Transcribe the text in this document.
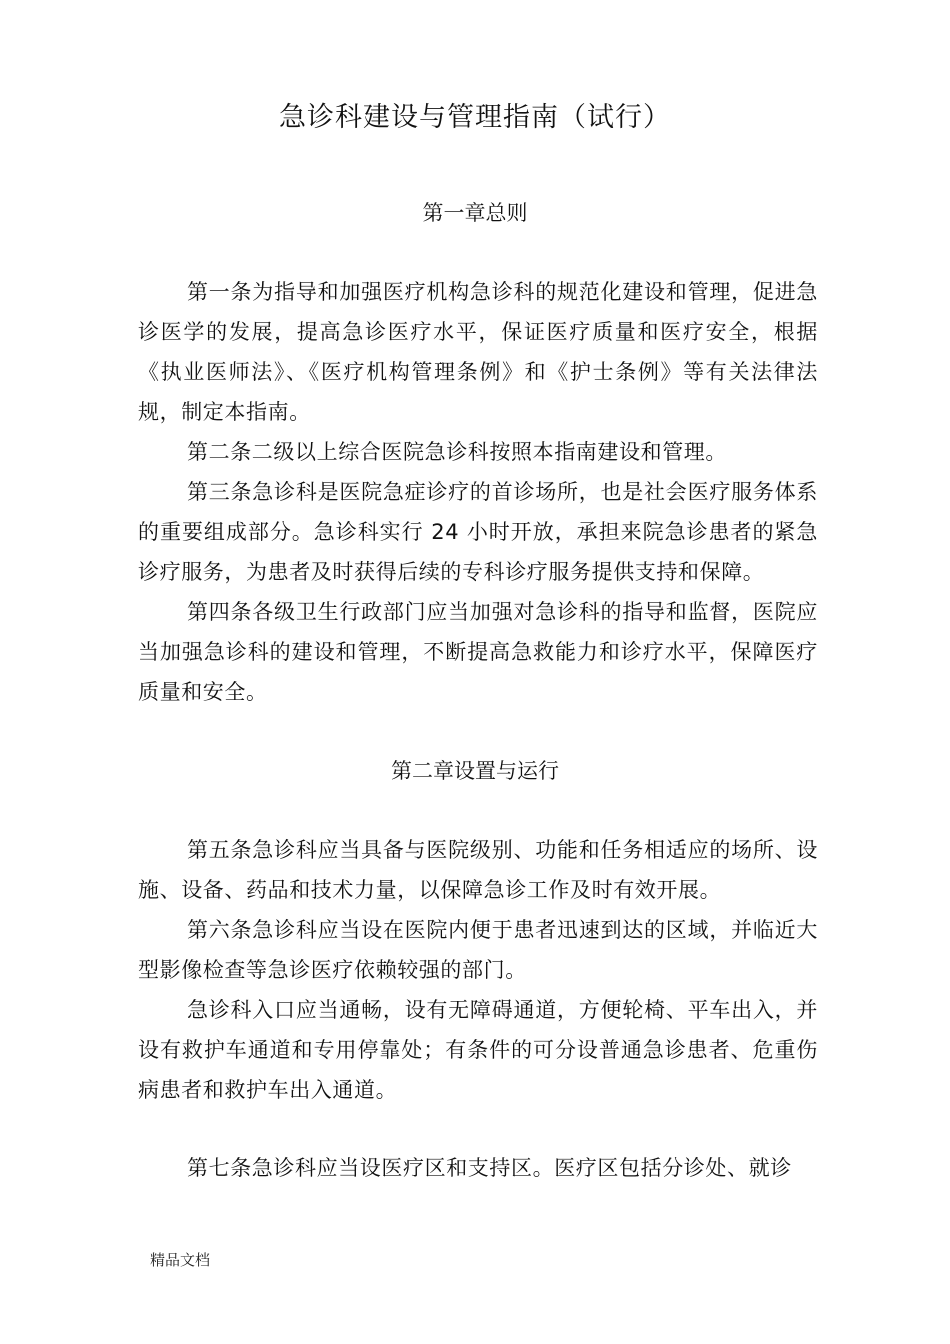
急诊科建设与管理指南（试行）
第一章总则

第一条为指导和加强医疗机构急诊科的规范化建设和管理，促进急诊医学的发展，提高急诊医疗水平，保证医疗质量和医疗安全，根据《执业医师法》、《医疗机构管理条例》和《护士条例》等有关法律法规，制定本指南。

第二条二级以上综合医院急诊科按照本指南建设和管理。

第三条急诊科是医院急症诊疗的首诊场所，也是社会医疗服务体系的重要组成部分。急诊科实行 24 小时开放，承担来院急诊患者的紧急诊疗服务，为患者及时获得后续的专科诊疗服务提供支持和保障。

第四条各级卫生行政部门应当加强对急诊科的指导和监督，医院应当加强急诊科的建设和管理，不断提高急救能力和诊疗水平，保障医疗质量和安全。

第二章设置与运行

第五条急诊科应当具备与医院级别、功能和任务相适应的场所、设施、设备、药品和技术力量，以保障急诊工作及时有效开展。

第六条急诊科应当设在医院内便于患者迅速到达的区域，并临近大型影像检查等急诊医疗依赖较强的部门。

急诊科入口应当通畅，设有无障碍通道，方便轮椅、平车出入，并设有救护车通道和专用停靠处；有条件的可分设普通急诊患者、危重伤病患者和救护车出入通道。

第七条急诊科应当设医疗区和支持区。医疗区包括分诊处、就诊

精品文档
